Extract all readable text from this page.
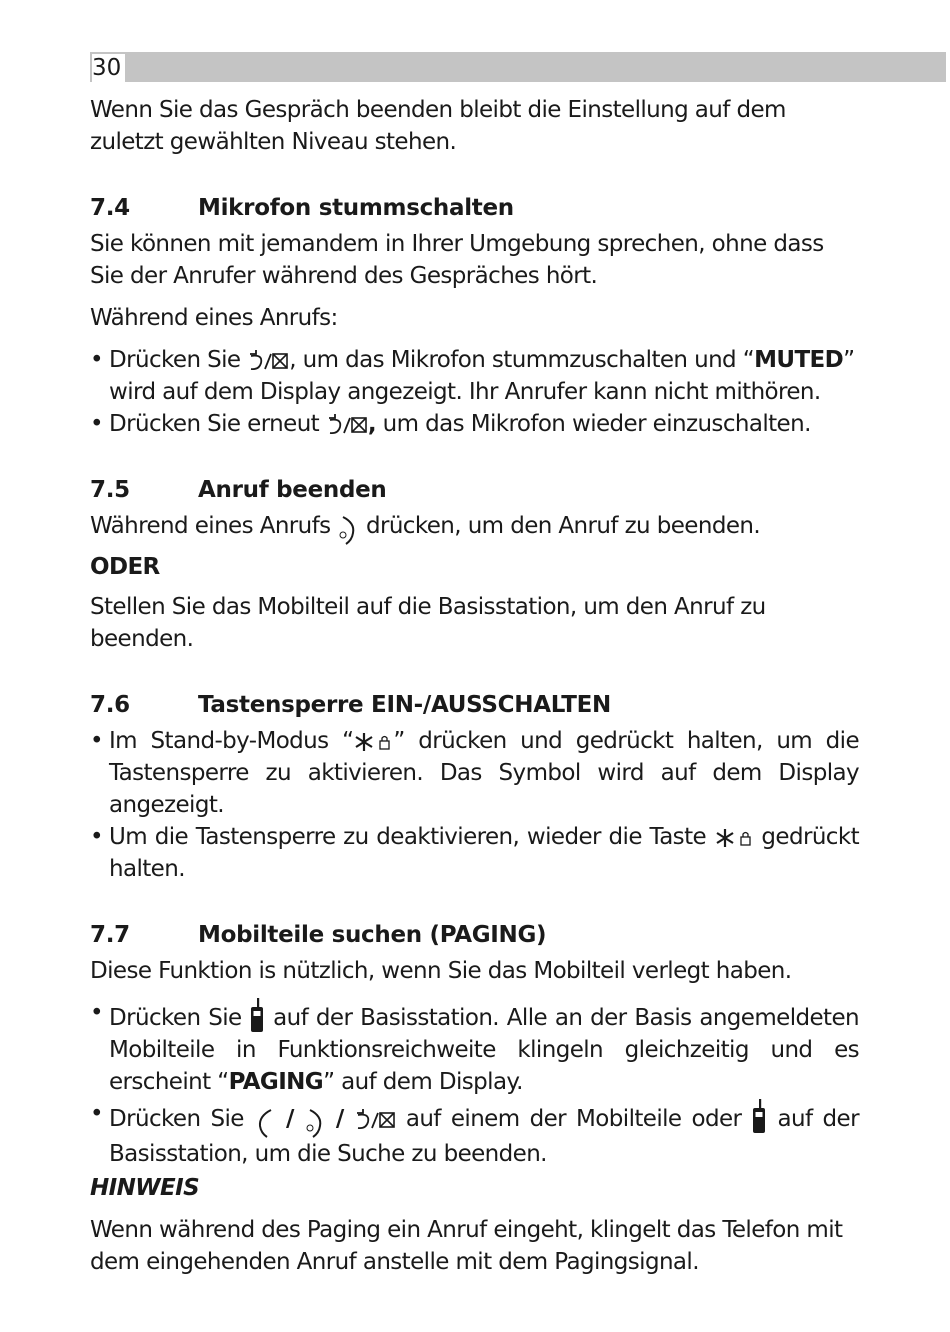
30

Wenn Sie das Gespräch beenden bleibt die Einstellung auf dem zuletzt gewählten Niveau stehen.

7.4	Mikrofon stummschalten

Sie können mit jemandem in Ihrer Umgebung sprechen, ohne dass Sie der Anrufer während des Gespräches hört.

Während eines Anrufs:

• Drücken Sie , um das Mikrofon stummzuschalten und “MUTED” wird auf dem Display angezeigt. Ihr Anrufer kann nicht mithören.
• Drücken Sie erneut , um das Mikrofon wieder einzuschalten.
7.5	Anruf beenden

Während eines Anrufs drücken, um den Anruf zu beenden.

ODER

Stellen Sie das Mobilteil auf die Basisstation, um den Anruf zu beenden.

7.6	Tastensperre EIN-/AUSSCHALTEN
• Im Stand-by-Modus “ ” drücken und gedrückt halten, um die Tastensperre zu aktivieren. Das Symbol wird auf dem Display angezeigt.
• Um die Tastensperre zu deaktivieren, wieder die Taste gedrückt halten.
7.7	Mobilteile suchen (PAGING)

Diese Funktion is nützlich, wenn Sie das Mobilteil verlegt haben.

• Drücken Sie auf der Basisstation. Alle an der Basis angemeldeten Mobilteile in Funktionsreichweite klingeln gleichzeitig und es erscheint “PAGING” auf dem Display.
• Drücken Sie / /	auf einem der Mobilteile oder auf der Basisstation, um die Suche zu beenden.

HINWEIS

Wenn während des Paging ein Anruf eingeht, klingelt das Telefon mit dem eingehenden Anruf anstelle mit dem Pagingsignal.
